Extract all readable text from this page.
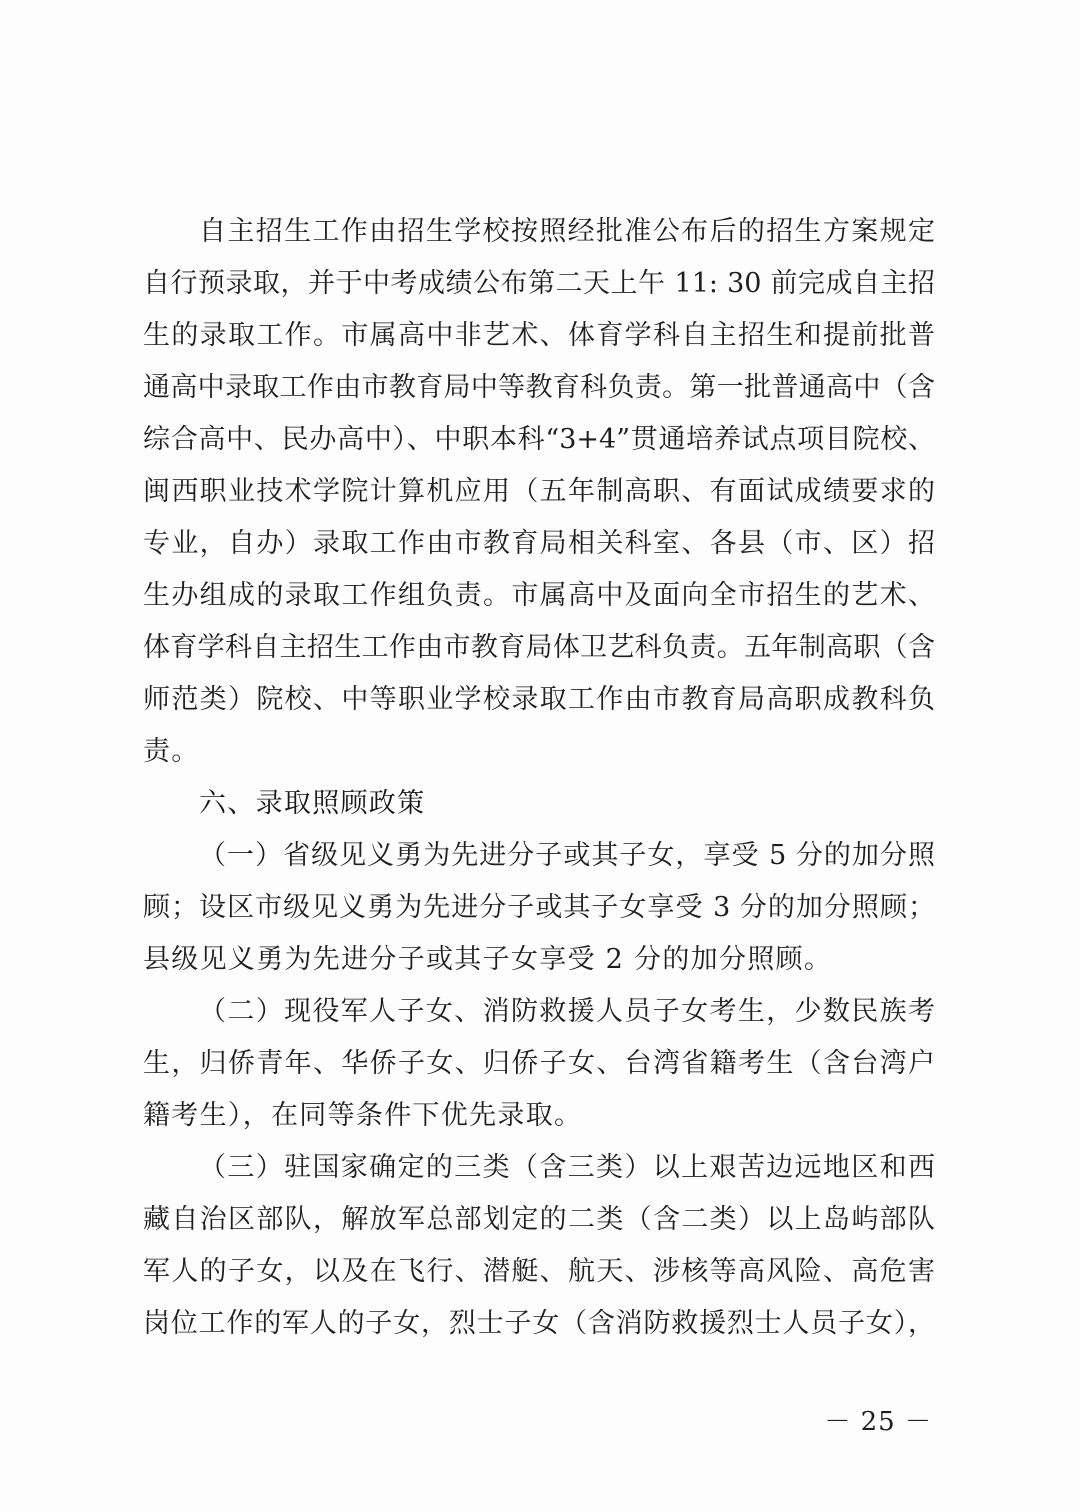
自主招生工作由招生学校按照经批准公布后的招生方案规定
自行预录取，并于中考成绩公布第二天上午 11: 30 前完成自主招
生的录取工作。市属高中非艺术、体育学科自主招生和提前批普
通高中录取工作由市教育局中等教育科负责。第一批普通高中（含
综合高中、民办高中）、中职本科“3+4”贯通培养试点项目院校、
闽西职业技术学院计算机应用（五年制高职、有面试成绩要求的
专业，自办）录取工作由市教育局相关科室、各县（市、区）招
生办组成的录取工作组负责。市属高中及面向全市招生的艺术、
体育学科自主招生工作由市教育局体卫艺科负责。五年制高职（含
师范类）院校、中等职业学校录取工作由市教育局高职成教科负
责。
六、录取照顾政策
（一）省级见义勇为先进分子或其子女，享受 5 分的加分照
顾；设区市级见义勇为先进分子或其子女享受 3 分的加分照顾；
县级见义勇为先进分子或其子女享受 2 分的加分照顾。
（二）现役军人子女、消防救援人员子女考生，少数民族考
生，归侨青年、华侨子女、归侨子女、台湾省籍考生（含台湾户
籍考生），在同等条件下优先录取。
（三）驻国家确定的三类（含三类）以上艰苦边远地区和西
藏自治区部队，解放军总部划定的二类（含二类）以上岛屿部队
军人的子女，以及在飞行、潜艇、航天、涉核等高风险、高危害
岗位工作的军人的子女，烈士子女（含消防救援烈士人员子女），
－ 25 －
